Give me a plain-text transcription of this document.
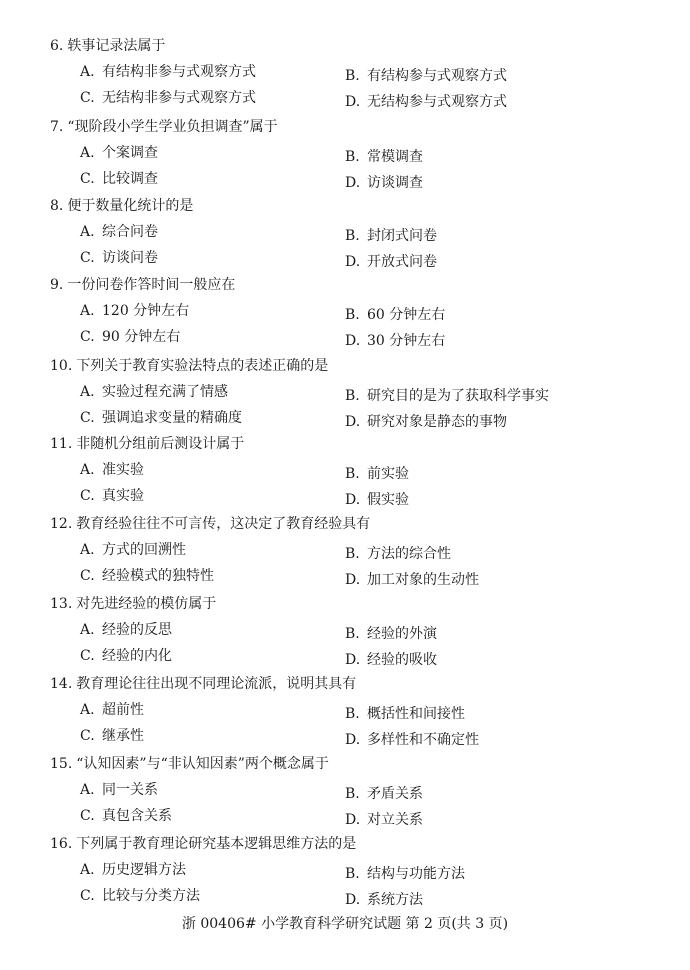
6. 轶事记录法属于
A. 有结构非参与式观察方式	B. 有结构参与式观察方式
C. 无结构非参与式观察方式	D. 无结构参与式观察方式
7. “现阶段小学生学业负担调查”属于
A. 个案调查	B. 常模调查
C. 比较调查	D. 访谈调查
8. 便于数量化统计的是
A. 综合问卷	B. 封闭式问卷
C. 访谈问卷	D. 开放式问卷
9. 一份问卷作答时间一般应在
A. 120 分钟左右	B. 60 分钟左右
C. 90 分钟左右	D. 30 分钟左右
10. 下列关于教育实验法特点的表述正确的是
A. 实验过程充满了情感	B. 研究目的是为了获取科学事实
C. 强调追求变量的精确度	D. 研究对象是静态的事物
11. 非随机分组前后测设计属于
A. 准实验	B. 前实验
C. 真实验	D. 假实验
12. 教育经验往往不可言传，这决定了教育经验具有
A. 方式的回溯性	B. 方法的综合性
C. 经验模式的独特性	D. 加工对象的生动性
13. 对先进经验的模仿属于
A. 经验的反思	B. 经验的外演
C. 经验的内化	D. 经验的吸收
14. 教育理论往往出现不同理论流派，说明其具有
A. 超前性	B. 概括性和间接性
C. 继承性	D. 多样性和不确定性
15. “认知因素”与“非认知因素”两个概念属于
A. 同一关系	B. 矛盾关系
C. 真包含关系	D. 对立关系
16. 下列属于教育理论研究基本逻辑思维方法的是
A. 历史逻辑方法	B. 结构与功能方法
C. 比较与分类方法	D. 系统方法
浙 00406# 小学教育科学研究试题 第 2 页(共 3 页)
